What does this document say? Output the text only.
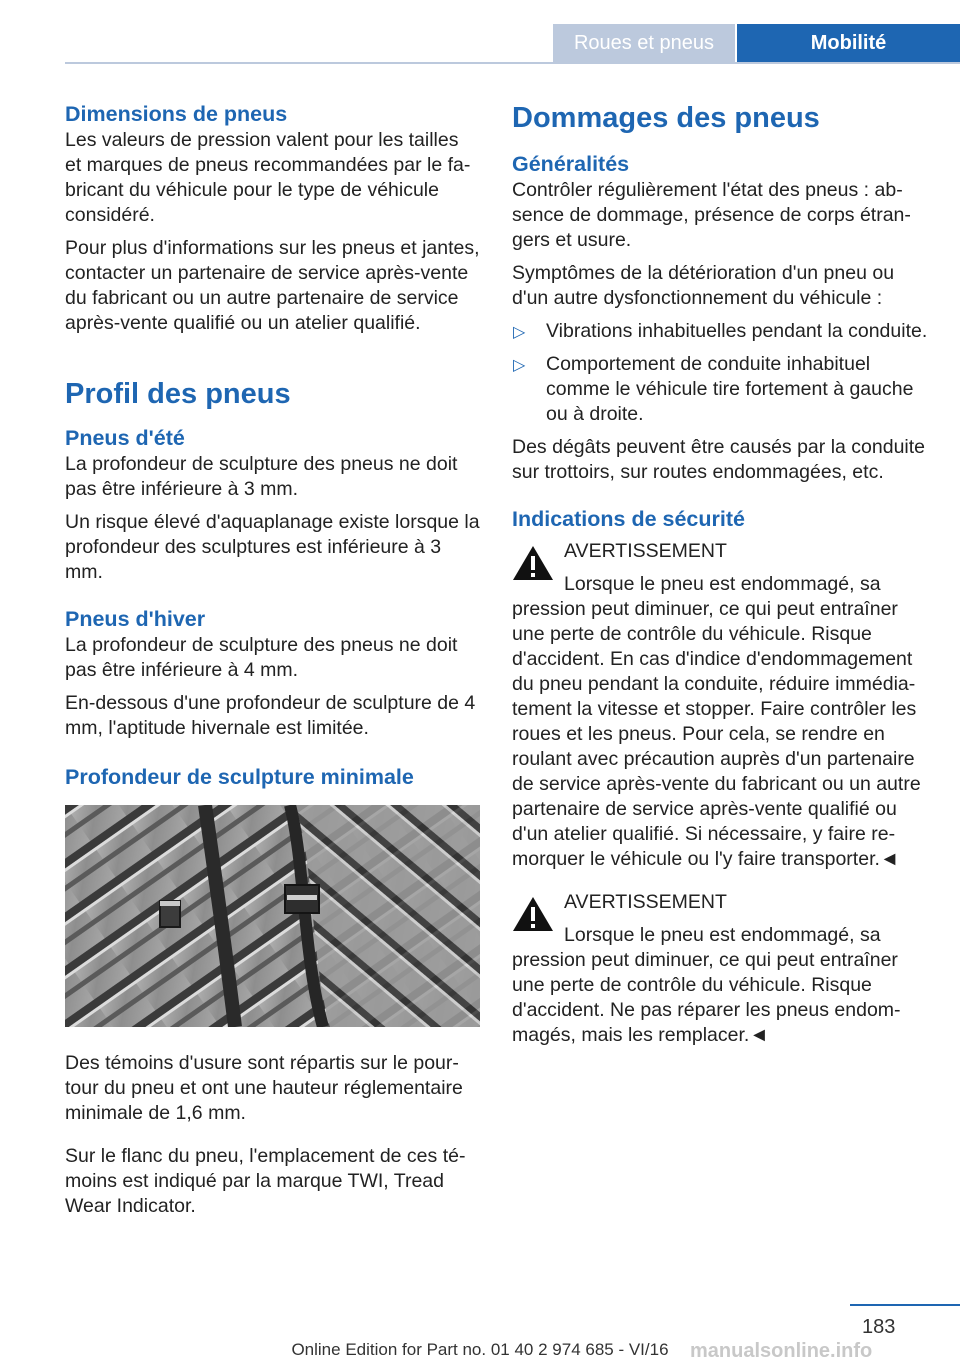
Roues et pneus	Mobilité
Dimensions de pneus

Les valeurs de pression valent pour les tailles et marques de pneus recommandées par le fabricant du véhicule pour le type de véhicule considéré.

Pour plus d'informations sur les pneus et jantes, contacter un partenaire de service après-vente du fabricant ou un autre partenaire de service après-vente qualifié ou un atelier qualifié.

Profil des pneus
Pneus d'été

La profondeur de sculpture des pneus ne doit pas être inférieure à 3 mm.

Un risque élevé d'aquaplanage existe lorsque la profondeur des sculptures est inférieure à 3 mm.

Pneus d'hiver

La profondeur de sculpture des pneus ne doit pas être inférieure à 4 mm.

En-dessous d'une profondeur de sculpture de 4 mm, l'aptitude hivernale est limitée.

Profondeur de sculpture minimale

Des témoins d'usure sont répartis sur le pourtour du pneu et ont une hauteur réglementaire minimale de 1,6 mm.

Sur le flanc du pneu, l'emplacement de ces témoins est indiqué par la marque TWI, Tread Wear Indicator.

Dommages des pneus
Généralités

Contrôler régulièrement l'état des pneus : absence de dommage, présence de corps étrangers et usure.

Symptômes de la détérioration d'un pneu ou d'un autre dysfonctionnement du véhicule :

▷ Vibrations inhabituelles pendant la conduite.
▷ Comportement de conduite inhabituel comme le véhicule tire fortement à gauche ou à droite.

Des dégâts peuvent être causés par la conduite sur trottoirs, sur routes endommagées, etc.

Indications de sécurité
AVERTISSEMENT
Lorsque le pneu est endommagé, sa pression peut diminuer, ce qui peut entraîner une perte de contrôle du véhicule. Risque d'accident. En cas d'indice d'endommagement du pneu pendant la conduite, réduire immédiatement la vitesse et stopper. Faire contrôler les roues et les pneus. Pour cela, se rendre en roulant avec précaution auprès d'un partenaire de service après-vente du fabricant ou un autre partenaire de service après-vente qualifié ou d'un atelier qualifié. Si nécessaire, y faire remorquer le véhicule ou l'y faire transporter.◄
AVERTISSEMENT
Lorsque le pneu est endommagé, sa pression peut diminuer, ce qui peut entraîner une perte de contrôle du véhicule. Risque d'accident. Ne pas réparer les pneus endommagés, mais les remplacer.◄
183
Online Edition for Part no. 01 40 2 974 685 - VI/16	manualsonline.info
